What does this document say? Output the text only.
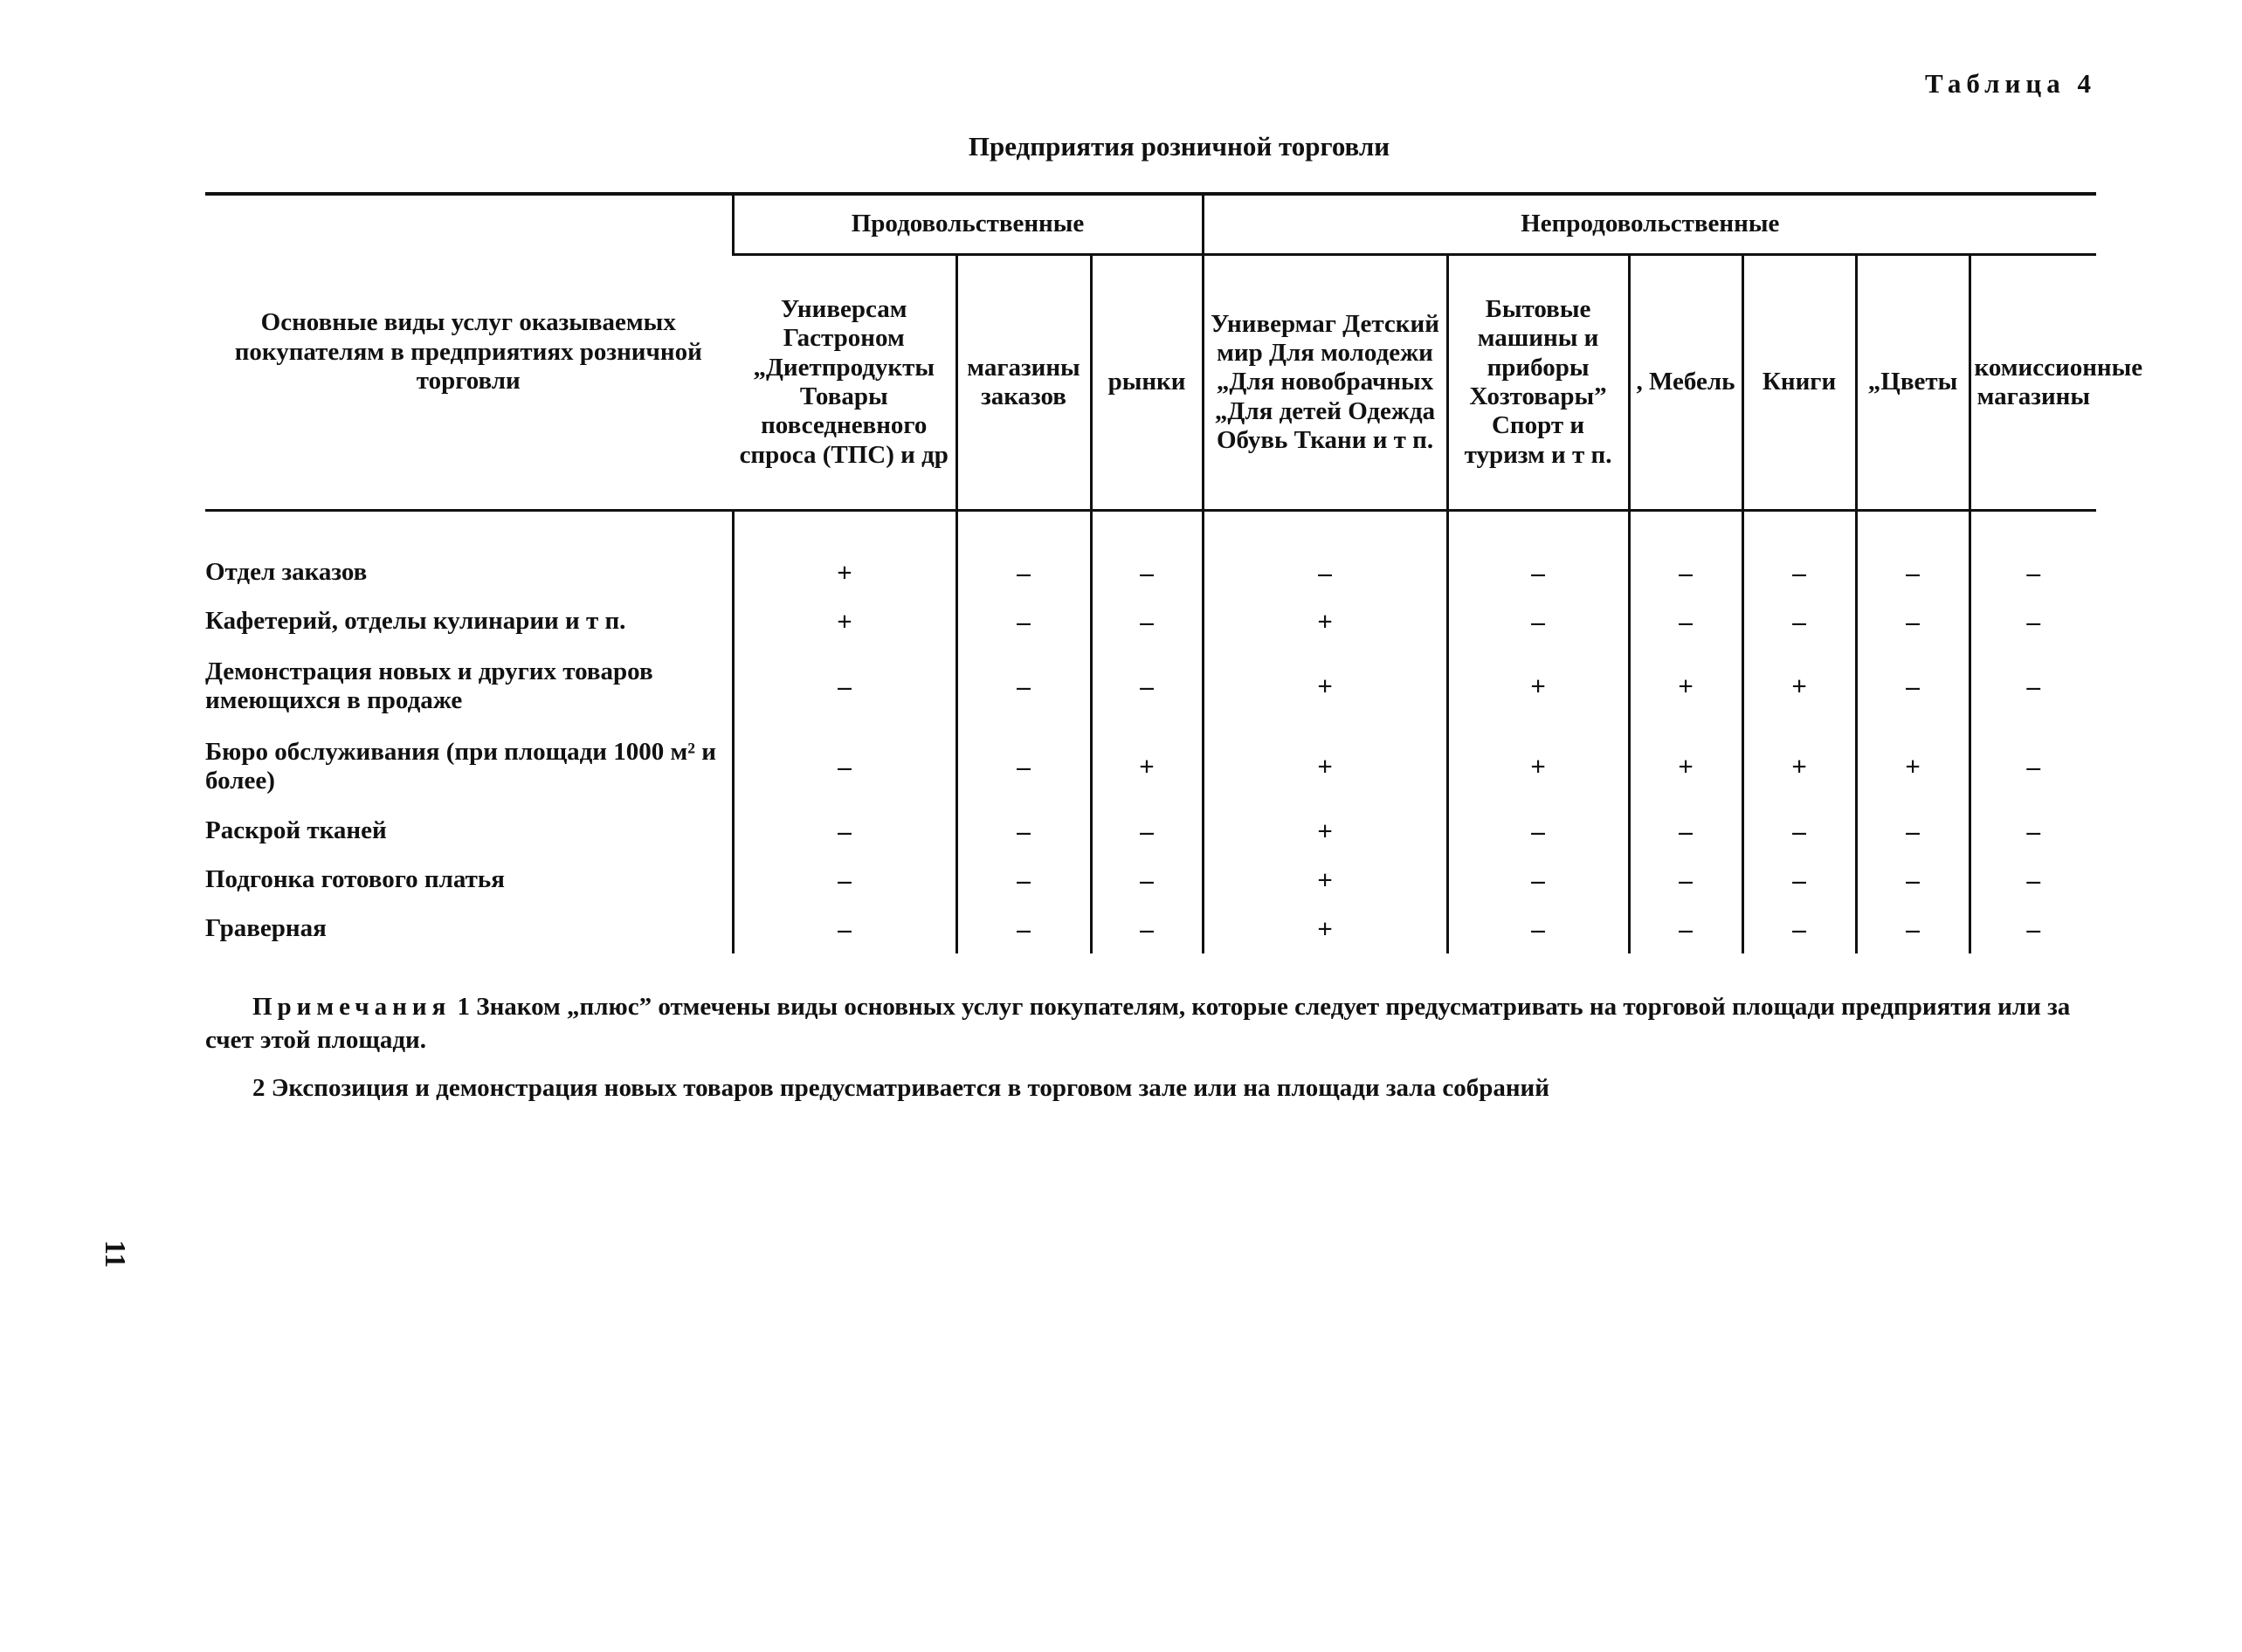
Таблица 4
Предприятия розничной торговли
Основные виды услуг оказываемых покупателям в предприятиях розничной торговли	Продовольственные			Непродовольственные					
	Универсам Гастроном „Диетпродукты Товары повседневного спроса (ТПС) и др	магазины заказов	рынки	Универмаг Детский мир Для молодежи „Для новобрачных „Для детей Одежда Обувь Ткани и т п.	Бытовые машины и приборы Хозтовары” Спорт и туризм и т п.	, Мебель	Книги	„Цветы	комиссионные магазины

Отдел заказов	+	–	–	–	–	–	–	–	–
Кафетерий, отделы кулинарии и т п.	+	–	–	+	–	–	–	–	–
Демонстрация новых и других товаров имеющихся в продаже	–	–	–	+	+	+	+	–	–
Бюро обслуживания (при площади 1000 м² и более)	–	–	+	+	+	+	+	+	–
Раскрой тканей	–	–	–	+	–	–	–	–	–
Подгонка готового платья	–	–	–	+	–	–	–	–	–
Граверная	–	–	–	+	–	–	–	–	–

Примечания 1 Знаком „плюс” отмечены виды основных услуг покупателям, которые следует предусматривать на торговой площади предприятия или за счет этой площади.

2 Экспозиция и демонстрация новых товаров предусматривается в торговом зале или на площади зала собраний

11
